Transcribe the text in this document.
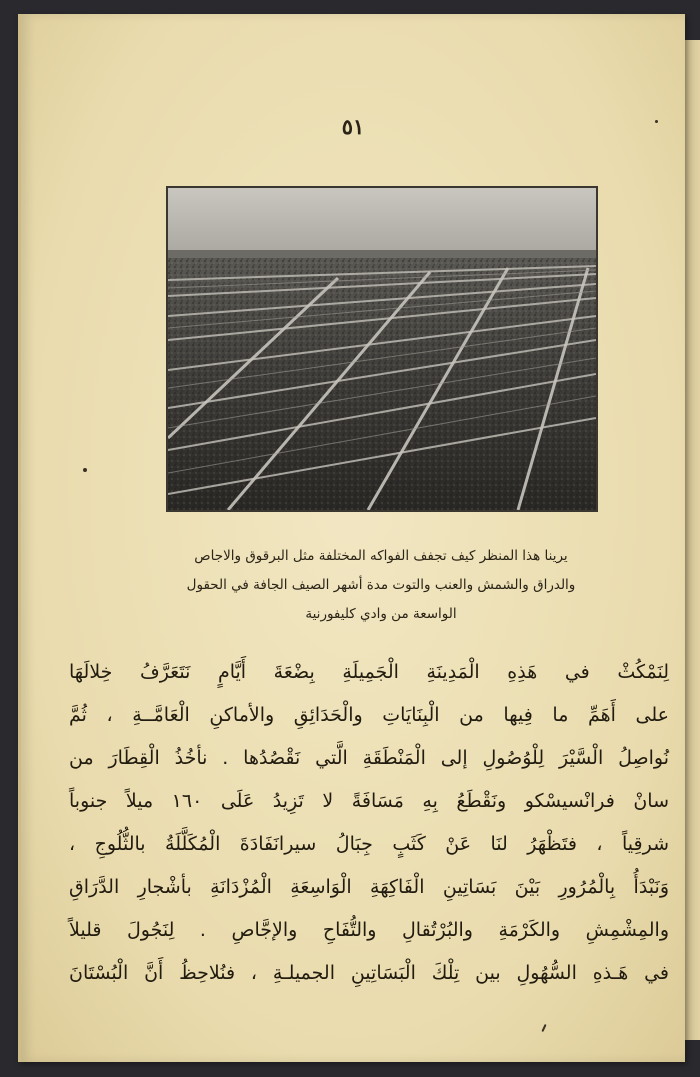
٥١
يرينا هذا المنظر كيف تجفف الفواكه المختلفة مثل البرقوق والاجاص
والدراق والشمش والعنب والتوت مدة أشهر الصيف الجافة في الحقول
الواسعة من وادي كليفورنية
لِنَمْكُثْ في هَذِهِ الْمَدِينَةِ الْجَمِيلَةِ بِضْعَةَ أَيَّامٍ نَتَعَرَّفُ خِلالَهَا
على أَهَمِّ ما فِيها من الْبِنَايَاتِ والْحَدَائِقِ والأماكنِ الْعَامَّــةِ ، ثُمَّ
نُواصِلُ الْسَّيْرَ لِلْوُصُولِ إلى الْمَنْطَقَةِ الَّتي نَقْصُدُها . نأخُذُ الْقِطَارَ من
سانْ فرانْسيسْكو ونَقْطَعُ بِهِ مَسَافَةً لا تَزِيدُ عَلَى ١٦٠ ميلاً جنوباً
شرقِياً ، فتَظْهَرُ لنَا عَنْ كَثَبٍ جِبَالُ سيرانَفَادَةَ الْمُكَلَّلَةُ بالثُّلُوجِ ،
وَنَبْدَأُ بِالْمُرُورِ بَيْنَ بَسَاتِينِ الْفَاكِهَةِ الْوَاسِعَةِ الْمُزْدَانَةِ بأشْجارِ الدَّرَاقِ
والمِشْمِشِ والكَرْمَةِ والبُرْتُقالِ والتُّفَاحِ والإجَّاصِ . لِنَجُولَ قليلاً
في هَـذهِ السُّهُولِ بين تِلْكَ الْبَسَاتِينِ الجميلـةِ ، فنُلاحِظُ أَنَّ الْبُسْتَانَ
